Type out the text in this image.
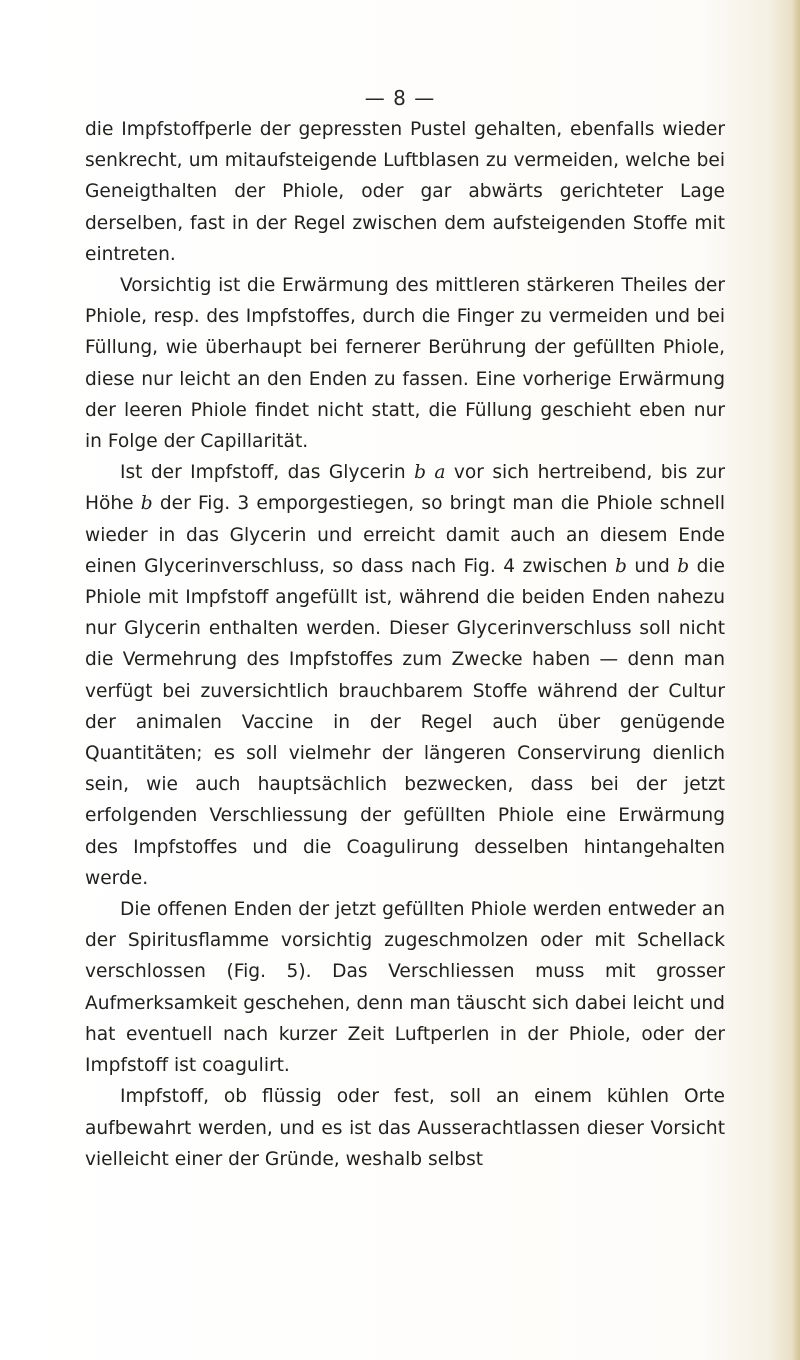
— 8 —

die Impfstoffperle der gepressten Pustel gehalten, ebenfalls wieder senkrecht, um mitaufsteigende Luftblasen zu vermeiden, welche bei Geneigthalten der Phiole, oder gar abwärts gerichteter Lage derselben, fast in der Regel zwischen dem aufsteigenden Stoffe mit eintreten.

Vorsichtig ist die Erwärmung des mittleren stärkeren Theiles der Phiole, resp. des Impfstoffes, durch die Finger zu vermeiden und bei Füllung, wie überhaupt bei fernerer Berührung der gefüllten Phiole, diese nur leicht an den Enden zu fassen. Eine vorherige Erwärmung der leeren Phiole findet nicht statt, die Füllung geschieht eben nur in Folge der Capillarität.

Ist der Impfstoff, das Glycerin b a vor sich hertreibend, bis zur Höhe b der Fig. 3 emporgestiegen, so bringt man die Phiole schnell wieder in das Glycerin und erreicht damit auch an diesem Ende einen Glycerinverschluss, so dass nach Fig. 4 zwischen b und b die Phiole mit Impfstoff angefüllt ist, während die beiden Enden nahezu nur Glycerin enthalten werden. Dieser Glycerinverschluss soll nicht die Vermehrung des Impfstoffes zum Zwecke haben — denn man verfügt bei zuversichtlich brauchbarem Stoffe während der Cultur der animalen Vaccine in der Regel auch über genügende Quantitäten; es soll vielmehr der längeren Conservirung dienlich sein, wie auch hauptsächlich bezwecken, dass bei der jetzt erfolgenden Verschliessung der gefüllten Phiole eine Erwärmung des Impfstoffes und die Coagulirung desselben hintangehalten werde.

Die offenen Enden der jetzt gefüllten Phiole werden entweder an der Spiritusflamme vorsichtig zugeschmolzen oder mit Schellack verschlossen (Fig. 5). Das Verschliessen muss mit grosser Aufmerksamkeit geschehen, denn man täuscht sich dabei leicht und hat eventuell nach kurzer Zeit Luftperlen in der Phiole, oder der Impfstoff ist coagulirt.

Impfstoff, ob flüssig oder fest, soll an einem kühlen Orte aufbewahrt werden, und es ist das Ausserachtlassen dieser Vorsicht vielleicht einer der Gründe, weshalb selbst
